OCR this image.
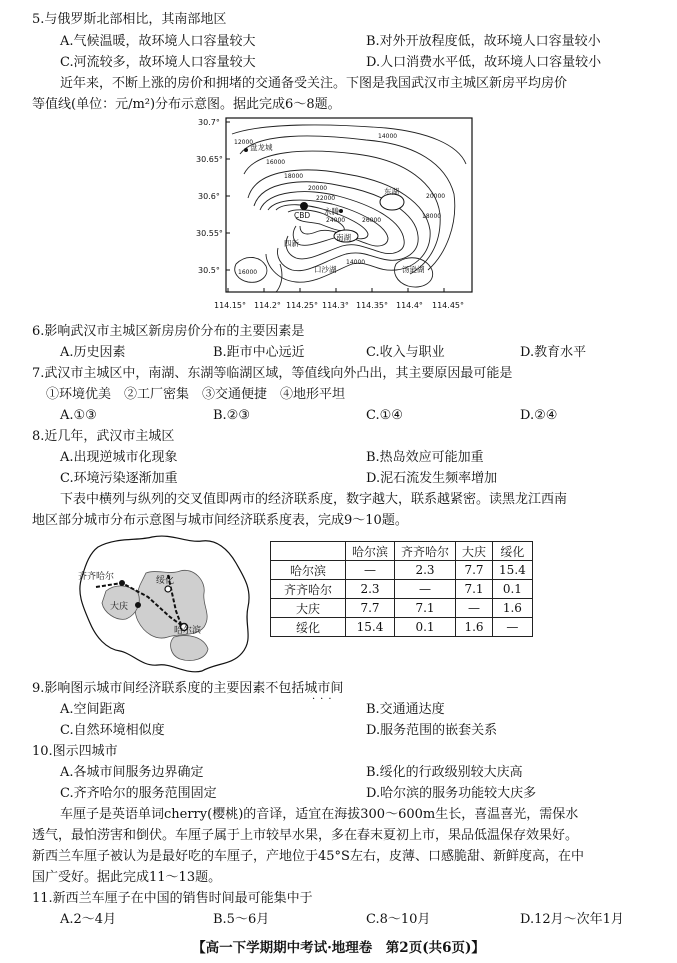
5.与俄罗斯北部相比，其南部地区
A.气候温暖，故环境人口容量较大	B.对外开放程度低，故环境人口容量较小
C.河流较多，故环境人口容量较大	D.人口消费水平低，故环境人口容量较小
近年来，不断上涨的房价和拥堵的交通备受关注。下图是我国武汉市主城区新房平均房价
等值线(单位：元/m²)分布示意图。据此完成6～8题。
30.7°
30.65°
30.6°
30.55°
30.5°
114.15° 114.2° 114.25° 114.3° 114.35° 114.4° 114.45°
12000
14000
16000
18000
20000
22000
24000	26000
14000
18000
20000
16000
盘龙城
CBD 永腾
东湖
南湖
汤逊湖
四新
口沙湖
6.影响武汉市主城区新房房价分布的主要因素是
A.历史因素	B.距市中心远近	C.收入与职业	D.教育水平
7.武汉市主城区中，南湖、东湖等临湖区域，等值线向外凸出，其主要原因最可能是
①环境优美　②工厂密集　③交通便捷　④地形平坦
A.①③	B.②③	C.①④	D.②④
8.近几年，武汉市主城区
A.出现逆城市化现象	B.热岛效应可能加重
C.环境污染逐渐加重	D.泥石流发生频率增加
下表中横列与纵列的交叉值即两市的经济联系度，数字越大，联系越紧密。读黑龙江西南
地区部分城市分布示意图与城市间经济联系度表，完成9～10题。
齐齐哈尔	绥化
大庆
哈尔滨
	哈尔滨	齐齐哈尔	大庆	绥化
哈尔滨	—	2.3	7.7	15.4
齐齐哈尔	2.3	—	7.1	0.1
大庆	7.7	7.1	—	1.6
绥化	15.4	0.1	1.6	—
9.影响图示城市间经济联系度的主要因素不包括城市间
···
A.空间距离	B.交通通达度
C.自然环境相似度	D.服务范围的嵌套关系
10.图示四城市
A.各城市间服务边界确定	B.绥化的行政级别较大庆高
C.齐齐哈尔的服务范围固定	D.哈尔滨的服务功能较大庆多
车厘子是英语单词cherry(樱桃)的音译，适宜在海拔300～600m生长，喜温喜光，需保水
透气，最怕涝害和倒伏。车厘子属于上市较早水果，多在春末夏初上市，果品低温保存效果好。
新西兰车厘子被认为是最好吃的车厘子，产地位于45°S左右，皮薄、口感脆甜、新鲜度高，在中
国广受好。据此完成11～13题。
11.新西兰车厘子在中国的销售时间最可能集中于
A.2～4月	B.5～6月	C.8～10月	D.12月～次年1月
【高一下学期期中考试·地理卷　第2页(共6页)】
